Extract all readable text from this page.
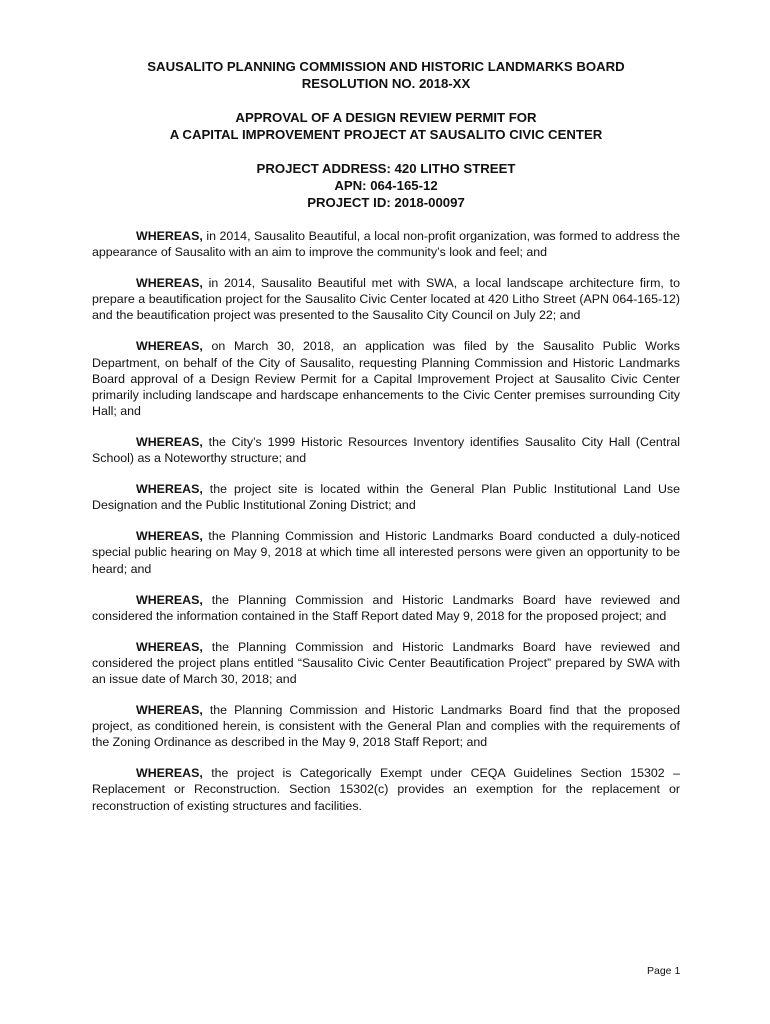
SAUSALITO PLANNING COMMISSION AND HISTORIC LANDMARKS BOARD
RESOLUTION NO. 2018-XX
APPROVAL OF A DESIGN REVIEW PERMIT FOR
A CAPITAL IMPROVEMENT PROJECT AT SAUSALITO CIVIC CENTER
PROJECT ADDRESS: 420 LITHO STREET
APN: 064-165-12
PROJECT ID: 2018-00097

WHEREAS, in 2014, Sausalito Beautiful, a local non-profit organization, was formed to address the appearance of Sausalito with an aim to improve the community’s look and feel; and

WHEREAS, in 2014, Sausalito Beautiful met with SWA, a local landscape architecture firm, to prepare a beautification project for the Sausalito Civic Center located at 420 Litho Street (APN 064-165-12) and the beautification project was presented to the Sausalito City Council on July 22; and

WHEREAS, on March 30, 2018, an application was filed by the Sausalito Public Works Department, on behalf of the City of Sausalito, requesting Planning Commission and Historic Landmarks Board approval of a Design Review Permit for a Capital Improvement Project at Sausalito Civic Center primarily including landscape and hardscape enhancements to the Civic Center premises surrounding City Hall; and

WHEREAS, the City’s 1999 Historic Resources Inventory identifies Sausalito City Hall (Central School) as a Noteworthy structure; and

WHEREAS, the project site is located within the General Plan Public Institutional Land Use Designation and the Public Institutional Zoning District; and

WHEREAS, the Planning Commission and Historic Landmarks Board conducted a duly-noticed special public hearing on May 9, 2018 at which time all interested persons were given an opportunity to be heard; and

WHEREAS, the Planning Commission and Historic Landmarks Board have reviewed and considered the information contained in the Staff Report dated May 9, 2018 for the proposed project; and

WHEREAS, the Planning Commission and Historic Landmarks Board have reviewed and considered the project plans entitled “Sausalito Civic Center Beautification Project” prepared by SWA with an issue date of March 30, 2018; and

WHEREAS, the Planning Commission and Historic Landmarks Board find that the proposed project, as conditioned herein, is consistent with the General Plan and complies with the requirements of the Zoning Ordinance as described in the May 9, 2018 Staff Report; and

WHEREAS, the project is Categorically Exempt under CEQA Guidelines Section 15302 – Replacement or Reconstruction. Section 15302(c) provides an exemption for the replacement or reconstruction of existing structures and facilities.

Page 1
